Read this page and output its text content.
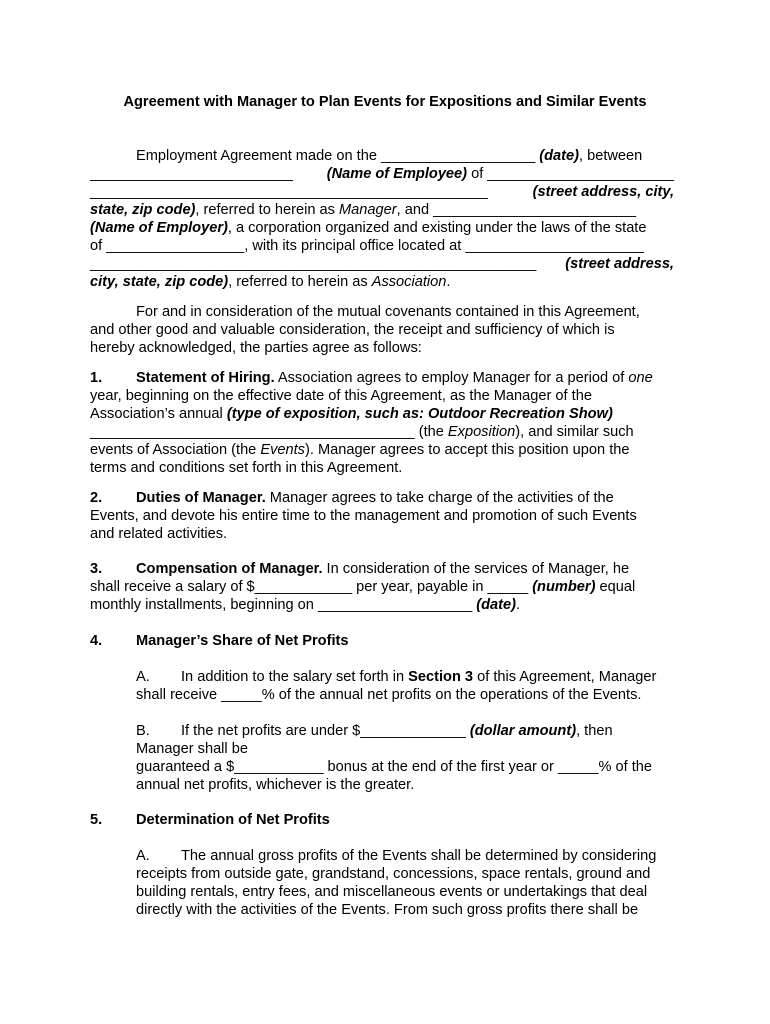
Agreement with Manager to Plan Events for Expositions and Similar Events
Employment Agreement made on the ___________________ (date), between
_________________________ (Name of Employee) of _______________________
_________________________________________________	(street address, city,
state, zip code), referred to herein as Manager, and _________________________
(Name of Employer), a corporation organized and existing under the laws of the state
of _________________, with its principal office located at ______________________
_______________________________________________________ (street address,
city, state, zip code), referred to herein as Association.
For and in consideration of the mutual covenants contained in this Agreement,
and other good and valuable consideration, the receipt and sufficiency of which is
hereby acknowledged, the parties agree as follows:
1. Statement of Hiring. Association agrees to employ Manager for a period of one
year, beginning on the effective date of this Agreement, as the Manager of the
Association’s annual (type of exposition, such as: Outdoor Recreation Show)
________________________________________ (the Exposition), and similar such
events of Association (the Events). Manager agrees to accept this position upon the
terms and conditions set forth in this Agreement.
2. Duties of Manager. Manager agrees to take charge of the activities of the
Events, and devote his entire time to the management and promotion of such Events
and related activities.
3. Compensation of Manager. In consideration of the services of Manager, he
shall receive a salary of $____________ per year, payable in _____ (number) equal
monthly installments, beginning on ___________________ (date).
4. Manager’s Share of Net Profits
A. In addition to the salary set forth in Section 3 of this Agreement, Manager
shall receive _____% of the annual net profits on the operations of the Events.
B. If the net profits are under $_____________ (dollar amount), then
Manager shall be
guaranteed a $___________ bonus at the end of the first year or _____% of the
annual net profits, whichever is the greater.
5. Determination of Net Profits
A. The annual gross profits of the Events shall be determined by considering
receipts from outside gate, grandstand, concessions, space rentals, ground and
building rentals, entry fees, and miscellaneous events or undertakings that deal
directly with the activities of the Events. From such gross profits there shall be
